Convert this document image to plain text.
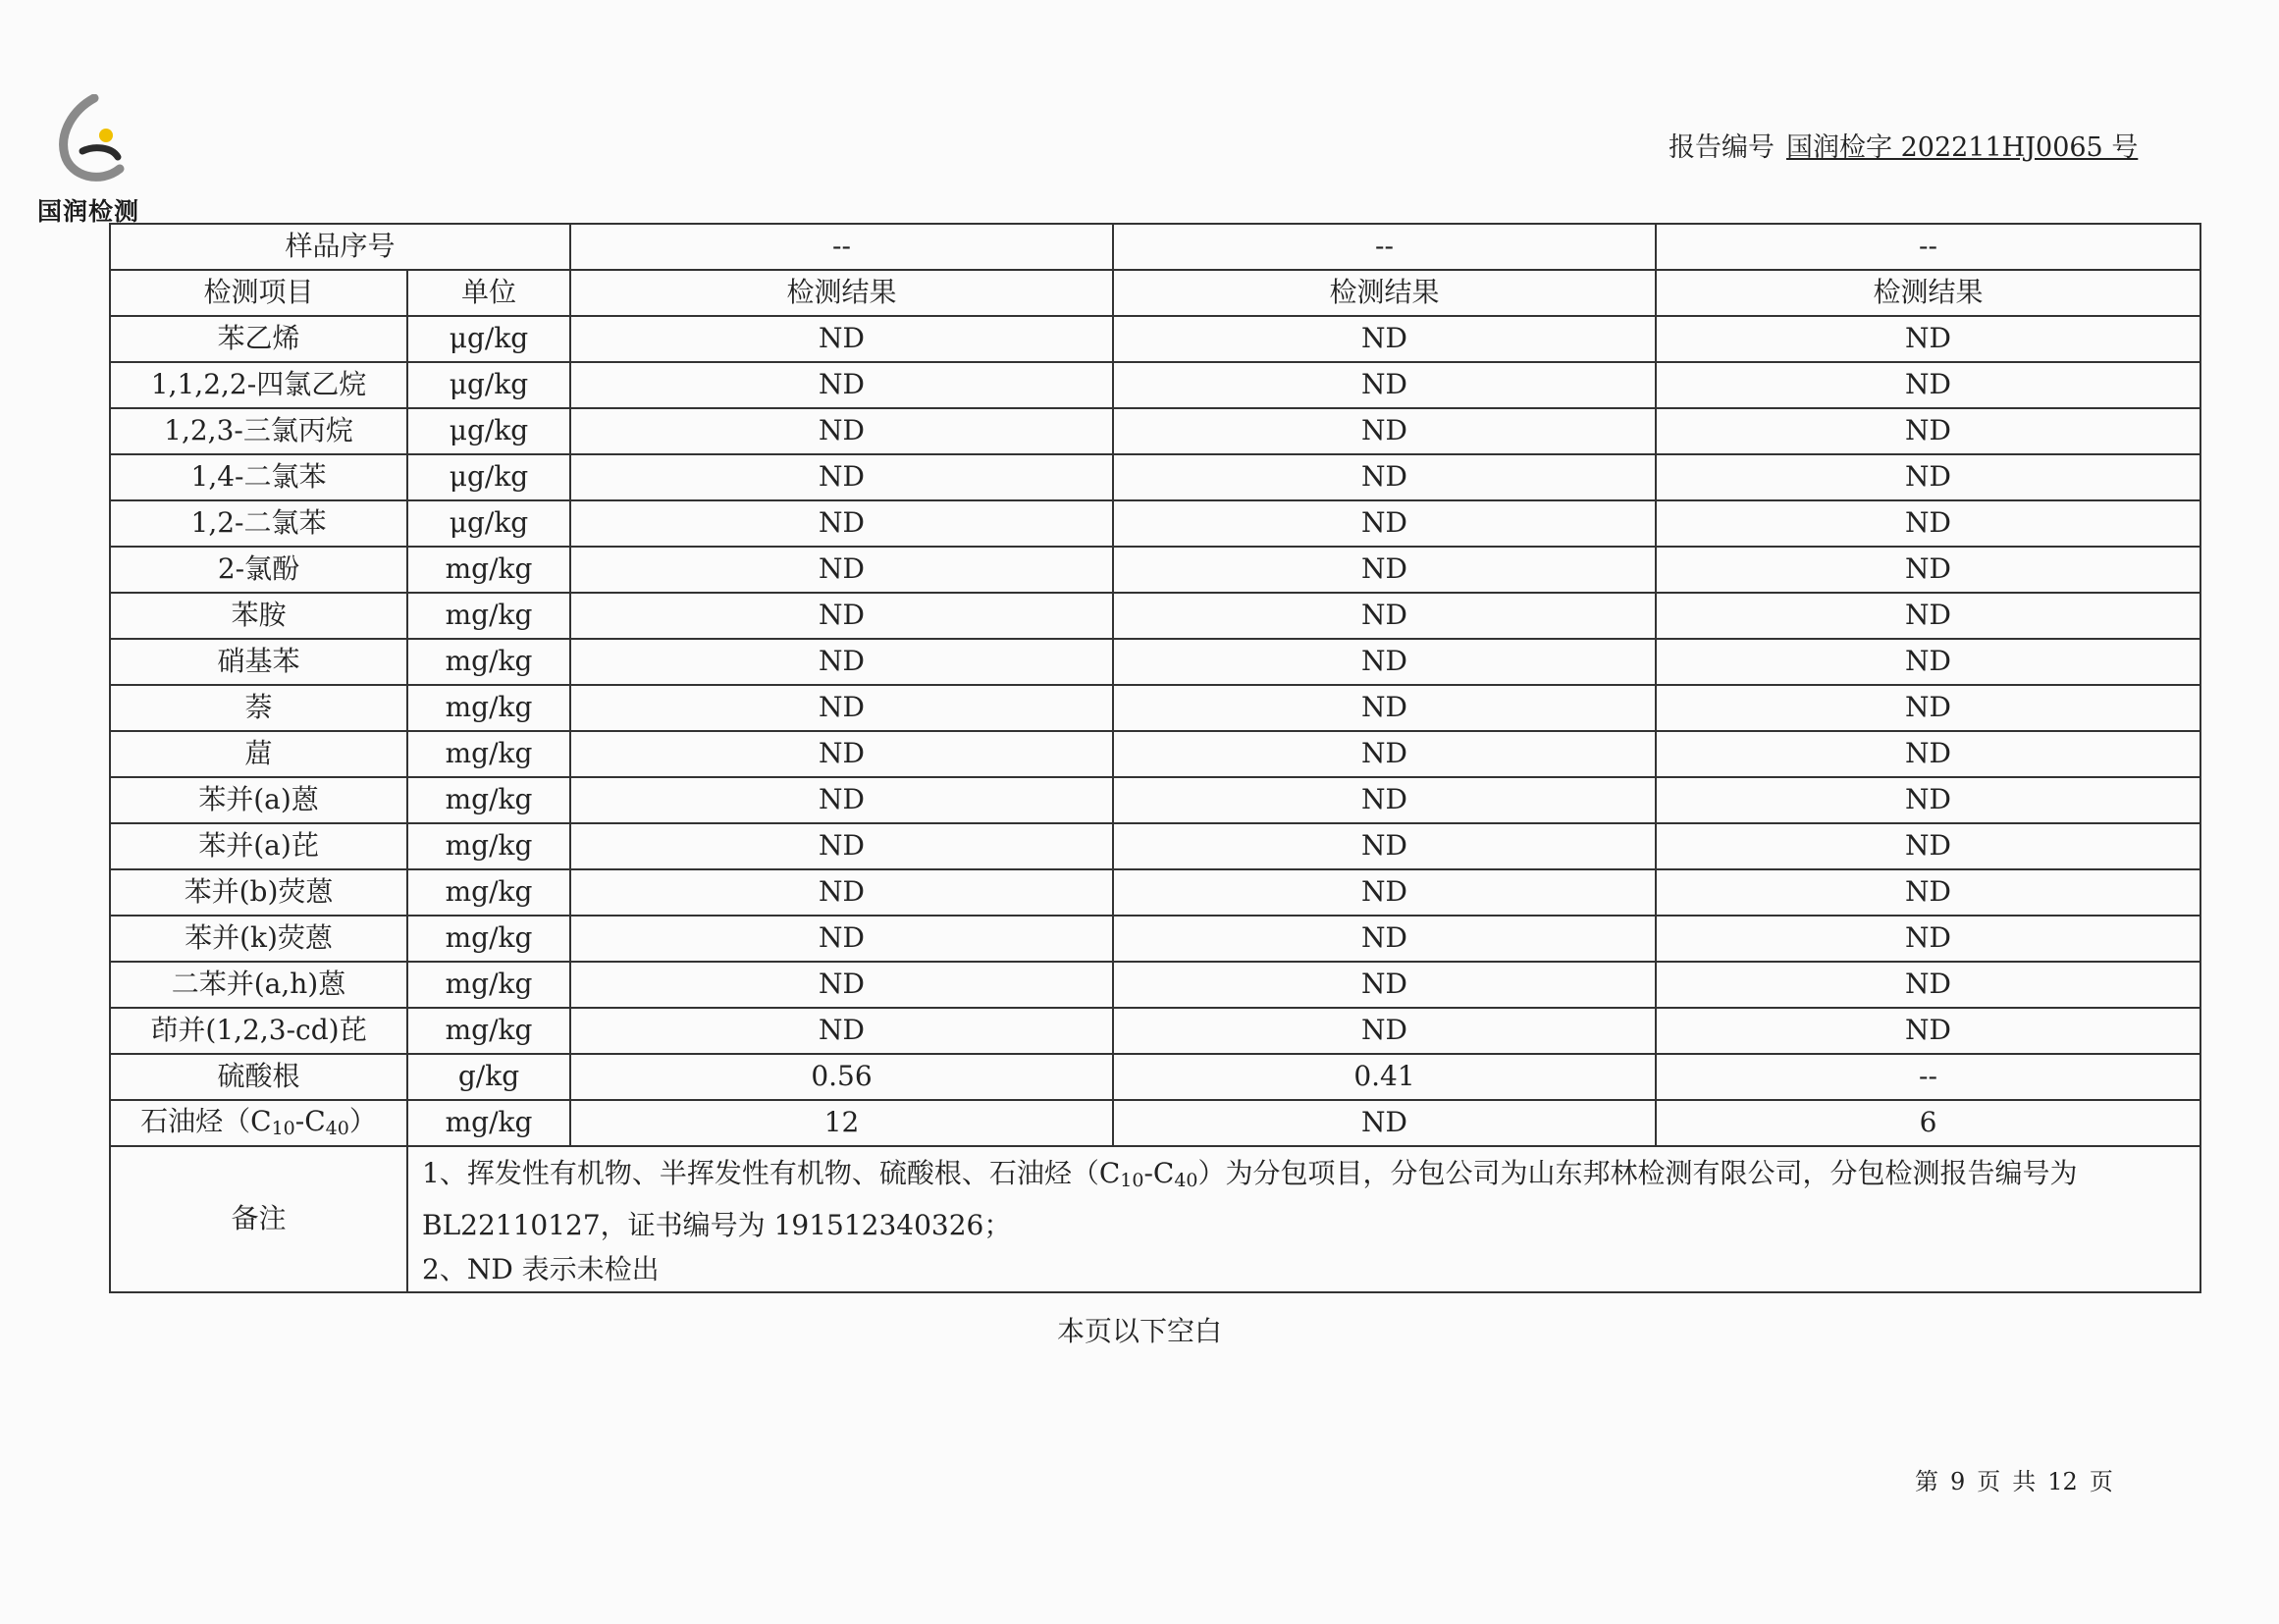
国润检测
报告编号 国润检字 202211HJ0065 号
样品序号		--	--	--
检测项目	单位	检测结果	检测结果	检测结果
苯乙烯	μg/kg	ND	ND	ND
1,1,2,2-四氯乙烷	μg/kg	ND	ND	ND
1,2,3-三氯丙烷	μg/kg	ND	ND	ND
1,4-二氯苯	μg/kg	ND	ND	ND
1,2-二氯苯	μg/kg	ND	ND	ND
2-氯酚	mg/kg	ND	ND	ND
苯胺	mg/kg	ND	ND	ND
硝基苯	mg/kg	ND	ND	ND
萘	mg/kg	ND	ND	ND
䓛	mg/kg	ND	ND	ND
苯并(a)蒽	mg/kg	ND	ND	ND
苯并(a)芘	mg/kg	ND	ND	ND
苯并(b)荧蒽	mg/kg	ND	ND	ND
苯并(k)荧蒽	mg/kg	ND	ND	ND
二苯并(a,h)蒽	mg/kg	ND	ND	ND
茚并(1,2,3-cd)芘	mg/kg	ND	ND	ND
硫酸根	g/kg	0.56	0.41	--
石油烃$(C_{10}-C_{40})$	mg/kg	12	ND	6
备注	1、挥发性有机物、半挥发性有机物、硫酸根、石油烃$(C_{10}-C_{40})$为分包项目，分包公司为山东邦林检测有限公司，分包检测报告编号为 BL22110127，证书编号为 191512340326；
2、ND 表示未检出			
本页以下空白
第 9 页 共 12 页
